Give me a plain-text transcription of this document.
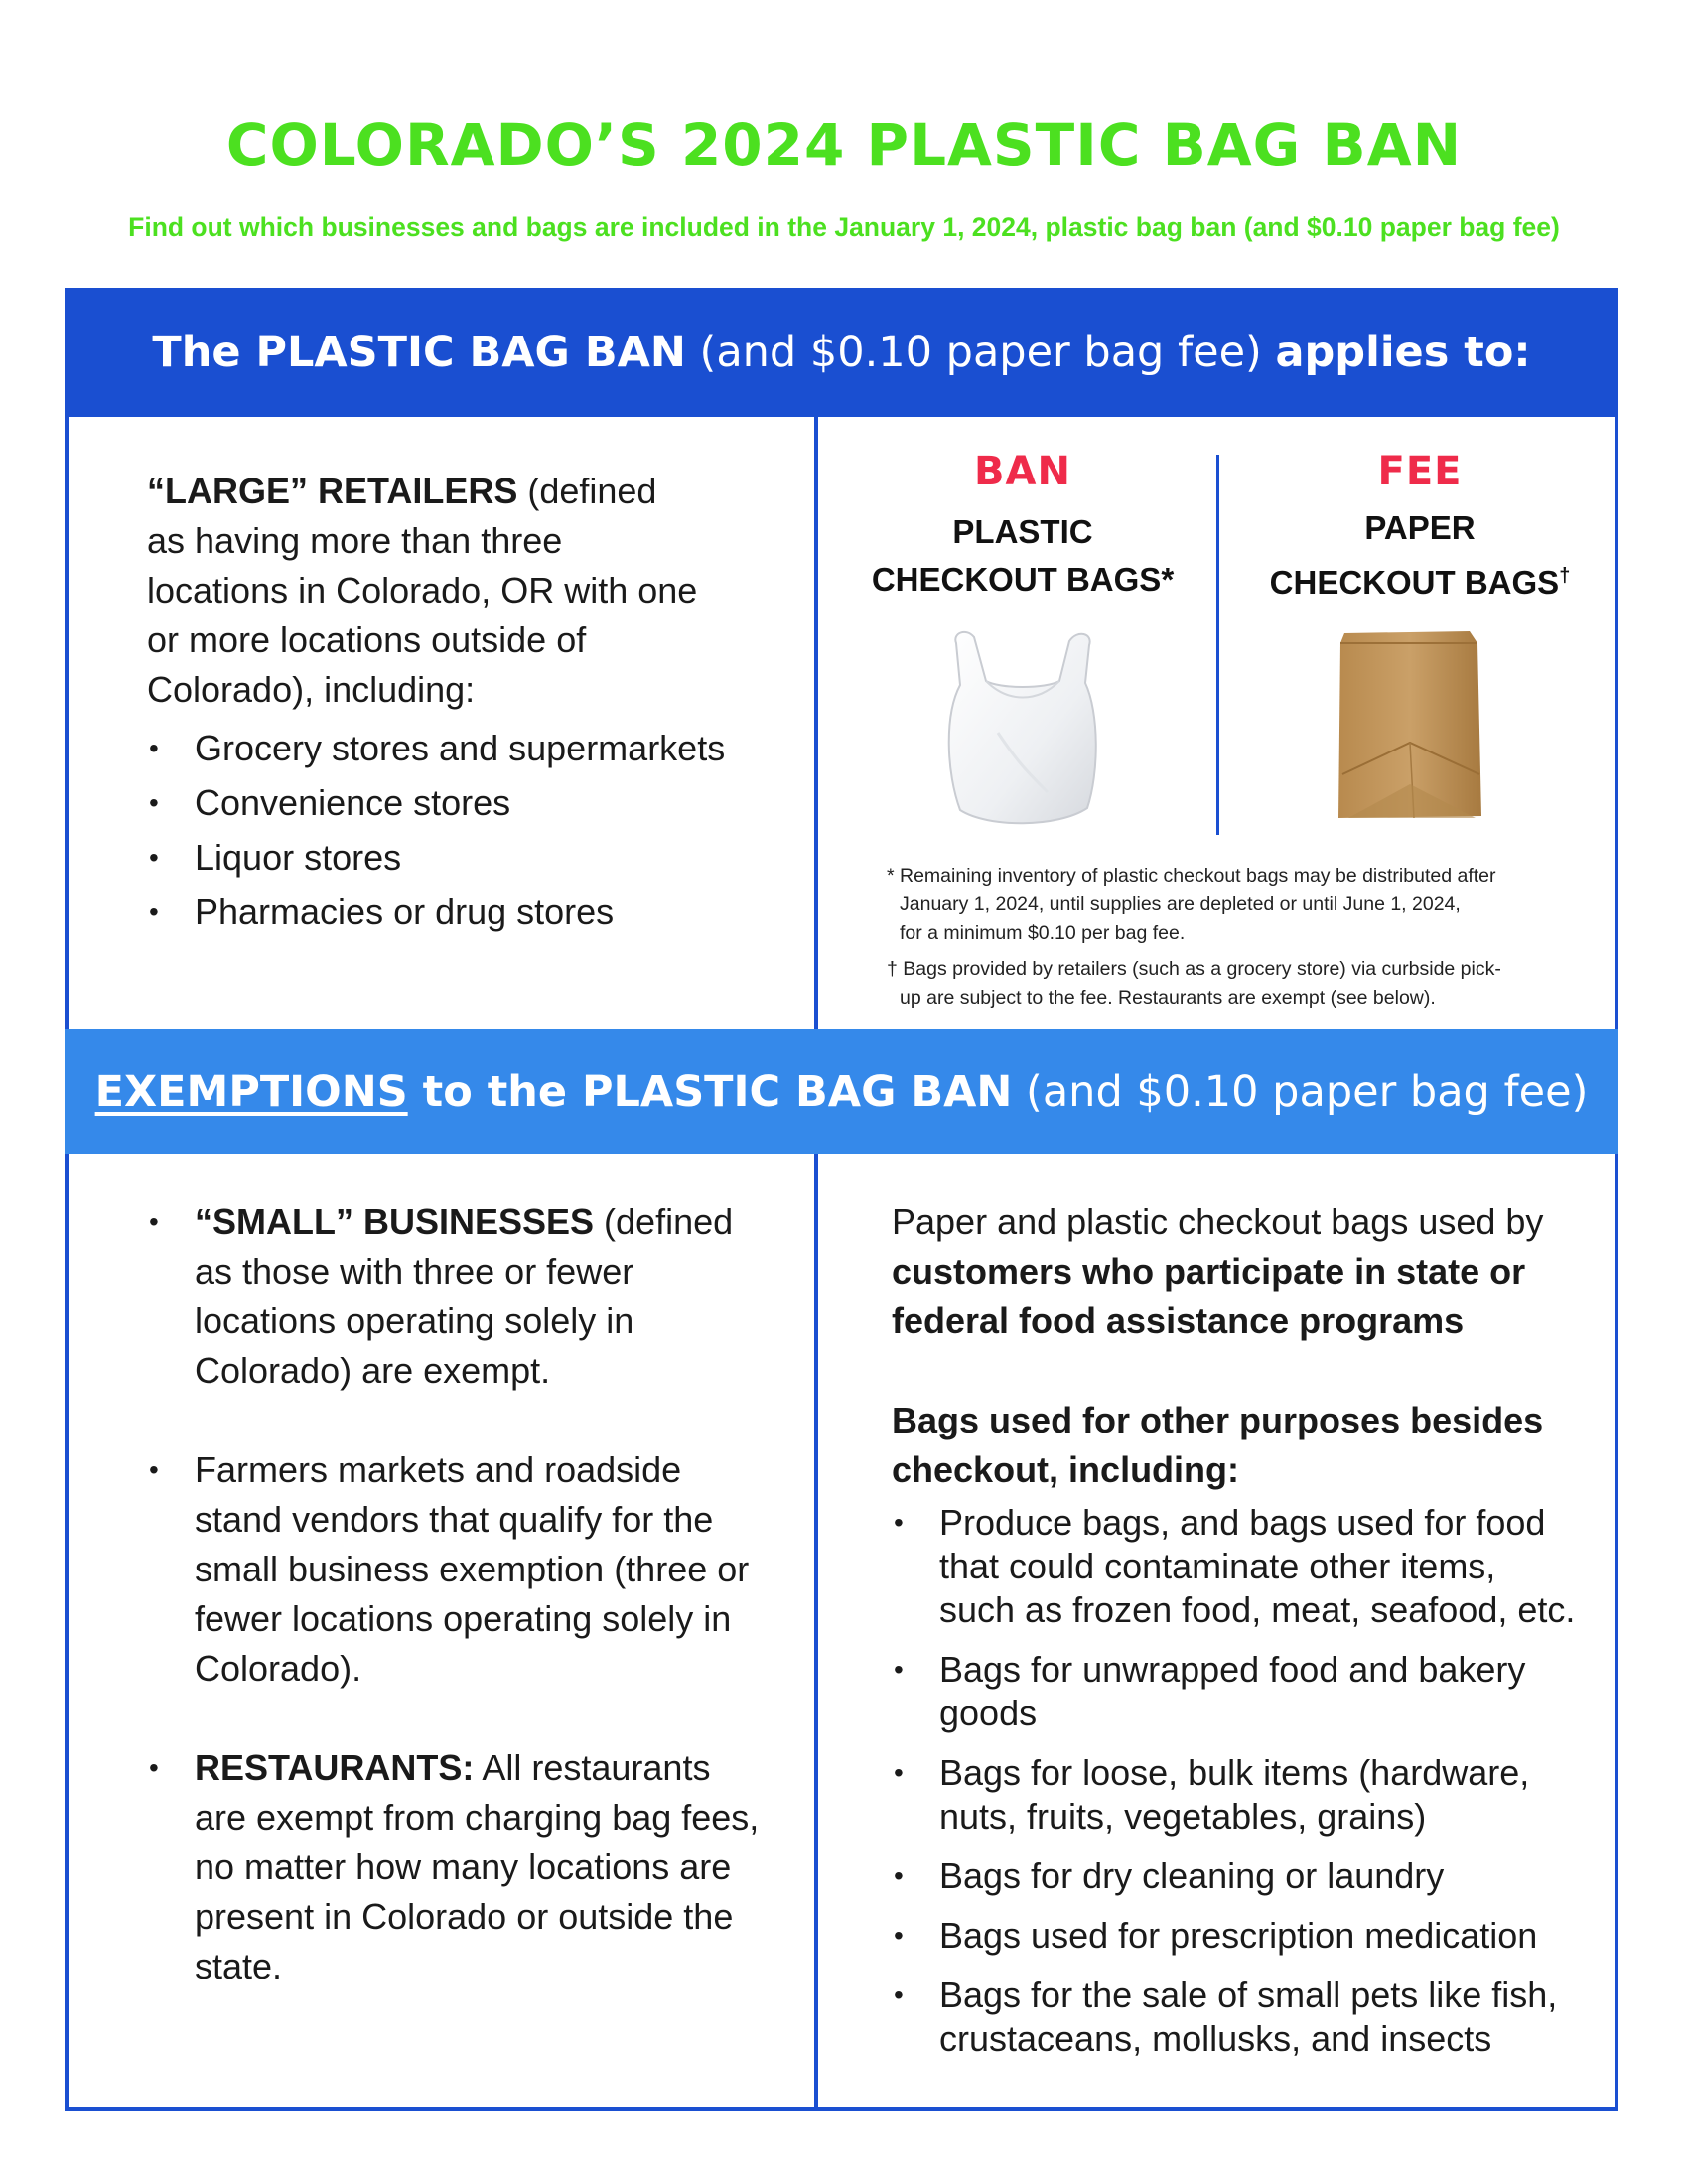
COLORADO’S 2024 PLASTIC BAG BAN

Find out which businesses and bags are included in the January 1, 2024, plastic bag ban (and $0.10 paper bag fee)

The PLASTIC BAG BAN (and $0.10 paper bag fee) applies to:

“LARGE” RETAILERS (defined as having more than three locations in Colorado, OR with one or more locations outside of Colorado), including:

• Grocery stores and supermarkets
• Convenience stores
• Liquor stores
• Pharmacies or drug stores
BAN
PLASTIC
CHECKOUT BAGS*
FEE
PAPER
CHECKOUT BAGS†

* Remaining inventory of plastic checkout bags may be distributed after
January 1, 2024, until supplies are depleted or until June 1, 2024,
for a minimum $0.10 per bag fee.

† Bags provided by retailers (such as a grocery store) via curbside pick-
up are subject to the fee. Restaurants are exempt (see below).

EXEMPTIONS to the PLASTIC BAG BAN (and $0.10 paper bag fee)
• “SMALL” BUSINESSES (defined as those with three or fewer locations operating solely in Colorado) are exempt.
• Farmers markets and roadside stand vendors that qualify for the small business exemption (three or fewer locations operating solely in Colorado).
• RESTAURANTS: All restaurants are exempt from charging bag fees, no matter how many locations are present in Colorado or outside the state.

Paper and plastic checkout bags used by customers who participate in state or federal food assistance programs

Bags used for other purposes besides checkout, including:

• Produce bags, and bags used for food that could contaminate other items, such as frozen food, meat, seafood, etc.
• Bags for unwrapped food and bakery goods
• Bags for loose, bulk items (hardware, nuts, fruits, vegetables, grains)
• Bags for dry cleaning or laundry
• Bags used for prescription medication
• Bags for the sale of small pets like fish, crustaceans, mollusks, and insects
